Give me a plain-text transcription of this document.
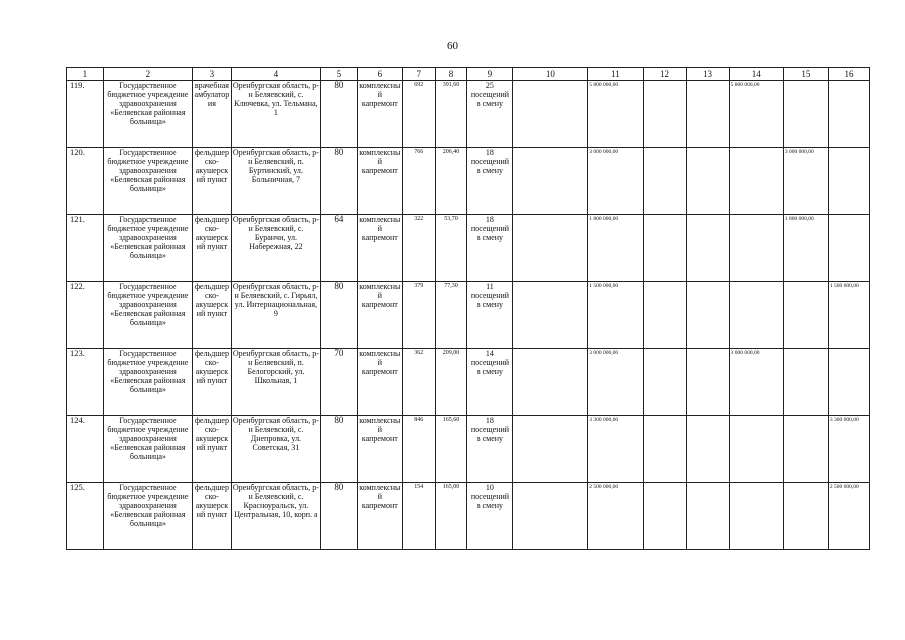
60
1	2	3	4	5	6	7	8	9	10	11	12	13	14	15	16
119.	Государственное бюджетное учреждение здравоохранения «Беляевская районная больница»	врачебная амбулатория	Оренбургская область, р-н Беляевский, с. Ключевка, ул. Тельмана, 1	80	комплексный капремонт	692	391,60	25 посещений в смену		5 800 000,00			5 800 000,00		
120.	Государственное бюджетное учреждение здравоохранения «Беляевская районная больница»	фельдшерско-акушерский пункт	Оренбургская область, р-н Беляевский, п. Буртинский, ул. Больничная, 7	80	комплексный капремонт	766	206,40	18 посещений в смену		3 000 000,00				3 000 000,00	
121.	Государственное бюджетное учреждение здравоохранения «Беляевская районная больница»	фельдшерско-акушерский пункт	Оренбургская область, р-н Беляевский, с. Буранчи, ул. Набережная, 22	64	комплексный капремонт	322	53,70	18 посещений в смену		1 800 000,00				1 800 000,00	
122.	Государственное бюджетное учреждение здравоохранения «Беляевская районная больница»	фельдшерско-акушерский пункт	Оренбургская область, р-н Беляевский, с. Гирьял, ул. Интернациональная, 9	80	комплексный капремонт	379	77,30	11 посещений в смену		1 500 000,00					1 500 000,00
123.	Государственное бюджетное учреждение здравоохранения «Беляевская районная больница»	фельдшерско-акушерский пункт	Оренбургская область, р-н Беляевский, п. Белогорский, ул. Школьная, 1	70	комплексный капремонт	362	209,00	14 посещений в смену		3 000 000,00			3 000 000,00		
124.	Государственное бюджетное учреждение здравоохранения «Беляевская районная больница»	фельдшерско-акушерский пункт	Оренбургская область, р-н Беляевский, с. Днепровка, ул. Советская, 31	80	комплексный капремонт	846	165,60	18 посещений в смену		3 300 000,00					3 300 000,00
125.	Государственное бюджетное учреждение здравоохранения «Беляевская районная больница»	фельдшерско-акушерский пункт	Оренбургская область, р-н Беляевский, с. Красноуральск, ул. Центральная, 10, корп. а	80	комплексный капремонт	154	165,00	10 посещений в смену		2 500 000,00					2 500 000,00
